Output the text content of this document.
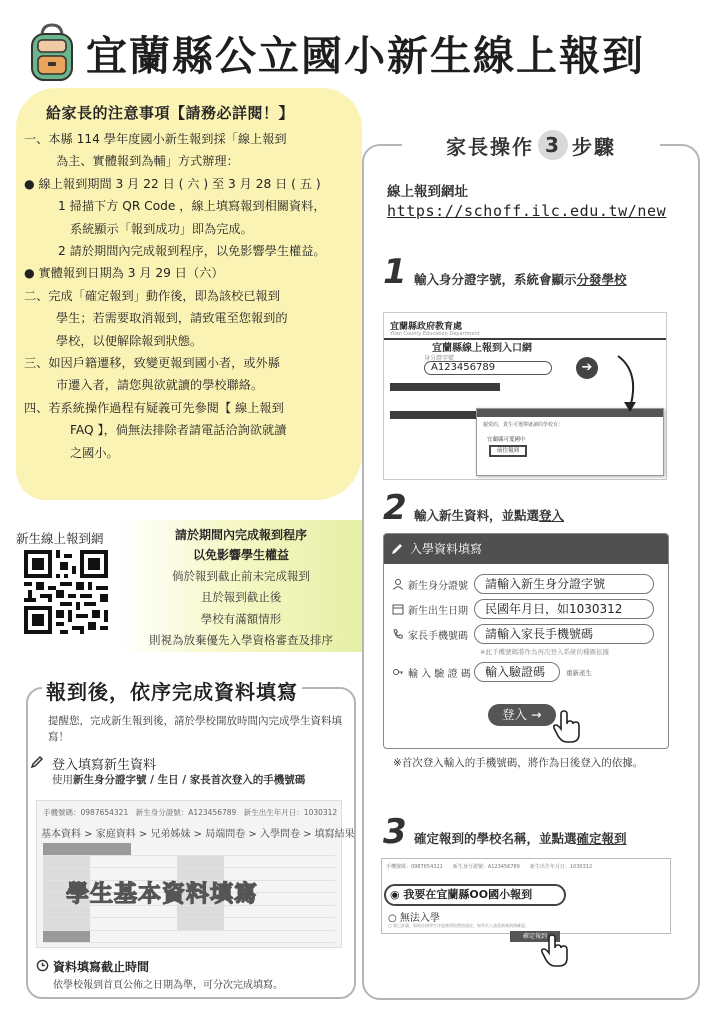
宜蘭縣公立國小新生線上報到
給家長的注意事項【請務必詳閱！】
一、本縣 114 學年度國小新生報到採「線上報到
為主、實體報到為輔」方式辦理：
● 線上報到期間 3 月 22 日 ( 六 ) 至 3 月 28 日 ( 五 )
1 掃描下方 QR Code ，線上填寫報到相關資料，
系統顯示「報到成功」即為完成。
2 請於期間內完成報到程序，以免影響學生權益。
● 實體報到日期為 3 月 29 日（六）
二、完成「確定報到」動作後，即為該校已報到
學生；若需要取消報到，請致電至您報到的
學校，以便解除報到狀態。
三、如因戶籍遷移，致變更報到國小者，或外縣
市遷入者，請您與欲就讀的學校聯絡。
四、若系統操作過程有疑義可先參閱【 線上報到
FAQ 】，倘無法排除者請電話洽詢欲就讀
之國小。
新生線上報到網	請於期間內完成報到程序
以免影響學生權益
倘於報到截止前未完成報到
且於報到截止後
學校有滿額情形
則視為放棄優先入學資格審查及排序
報到後，依序完成資料填寫
提醒您，完成新生報到後，請於學校開放時間內完成學生資料填寫！
登入填寫新生資料
使用新生身分證字號 / 生日 / 家長首次登入的手機號碼
手機號碼：0987654321　新生身分證號：A123456789　新生出生年月日：1030312
基本資料 > 家庭資料 > 兄弟姊妹 > 局端問卷 > 入學問卷 > 填寫結果
學生基本資料填寫
資料填寫截止時間
依學校報到首頁公佈之日期為準，可分次完成填寫。
家長操作 3 步驟
線上報到網址
https://schoff.ilc.edu.tw/new
1 輸入身分證字號，系統會顯示分發學校
宜蘭縣政府教育處
Yilan County Education Department
宜蘭縣線上報到入口網
身分證字號
A123456789	➔
親愛的，貴生可選擇就讀的學校有：
宜蘭縣可愛國中
前往報到
2 輸入新生資料，並點選登入
入學資料填寫
新生身分證號	請輸入新生身分證字號
新生出生日期	民國年月日，如1030312
家長手機號碼	請輸入家長手機號碼
※此手機號碼將作為再次登入系統的種碼依據
輸 入 驗 證 碼	輸入驗證碼	重新產生
登入 →
※首次登入輸入的手機號碼，將作為日後登入的依據。
3 確定報到的學校名稱，並點選確定報到
手機號碼：0987654321　　新生身分證號：A123456789　　新生出生年月日：1030312
◉ 我要在宜蘭縣OO國小報到
○ 無法入學
□ 我已詳讀，如欲註冊學生年度後學校將依規定，如有失入請重新報到後確認。
確定報到
